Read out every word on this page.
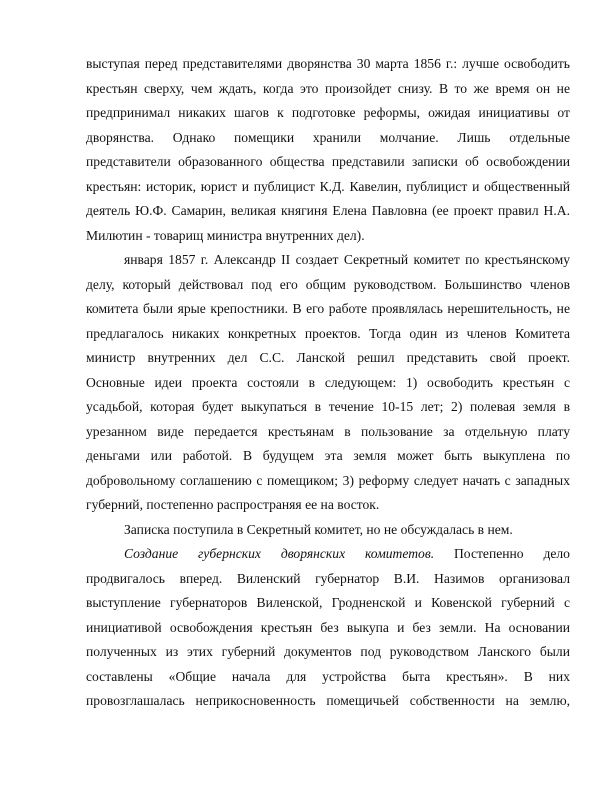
выступая перед представителями дворянства 30 марта 1856 г.: лучше освободить
крестьян сверху, чем ждать, когда это произойдет снизу. В то же время он не
предпринимал никаких шагов к подготовке реформы, ожидая инициативы от
дворянства. Однако помещики хранили молчание. Лишь отдельные
представители образованного общества представили записки об освобождении
крестьян: историк, юрист и публицист К.Д. Кавелин, публицист и общественный
деятель Ю.Ф. Самарин, великая княгиня Елена Павловна (ее проект правил Н.А.
Милютин - товарищ министра внутренних дел).

января 1857 г. Александр II создает Секретный комитет по крестьянскому
делу, который действовал под его общим руководством. Большинство членов
комитета были ярые крепостники. В его работе проявлялась нерешительность, не
предлагалось никаких конкретных проектов. Тогда один из членов Комитета
министр внутренних дел С.С. Ланской решил представить свой проект.
Основные идеи проекта состояли в следующем: 1) освободить крестьян с
усадьбой, которая будет выкупаться в течение 10-15 лет; 2) полевая земля в
урезанном виде передается крестьянам в пользование за отдельную плату
деньгами или работой. В будущем эта земля может быть выкуплена по
добровольному соглашению с помещиком; 3) реформу следует начать с западных
губерний, постепенно распространяя ее на восток.

Записка поступила в Секретный комитет, но не обсуждалась в нем.

Создание губернских дворянских комитетов. Постепенно дело
продвигалось вперед. Виленский губернатор В.И. Назимов организовал
выступление губернаторов Виленской, Гродненской и Ковенской губерний с
инициативой освобождения крестьян без выкупа и без земли. На основании
полученных из этих губерний документов под руководством Ланского были
составлены «Общие начала для устройства быта крестьян». В них
провозглашалась неприкосновенность помещичьей собственности на землю,
